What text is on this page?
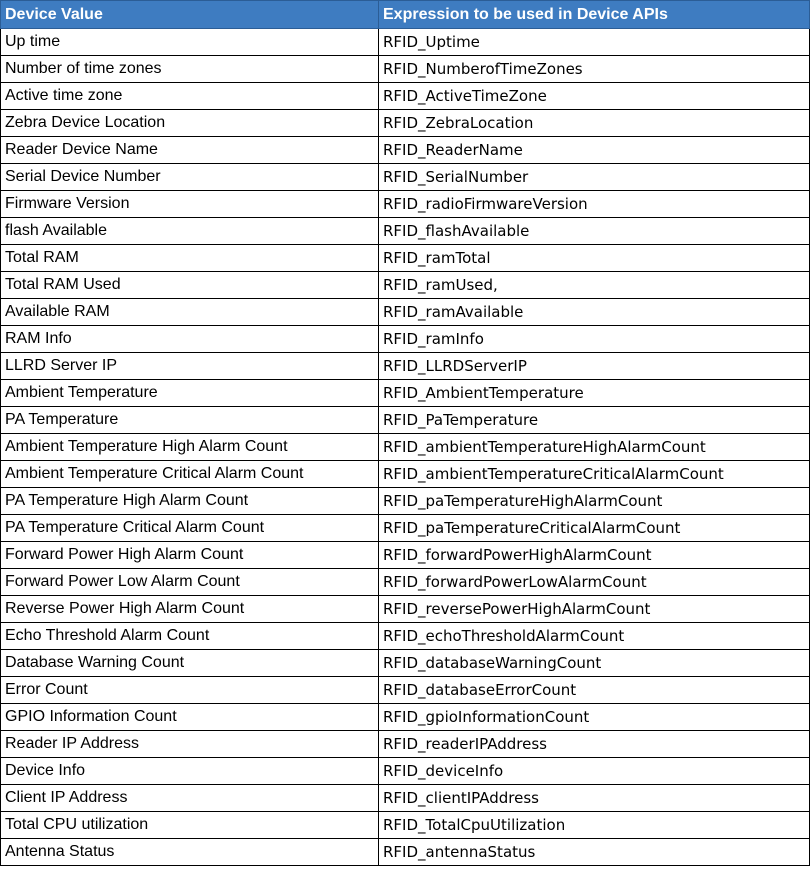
Device Value	Expression to be used in Device APIs
Up time	RFID_Uptime
Number of time zones	RFID_NumberofTimeZones
Active time zone	RFID_ActiveTimeZone
Zebra Device Location	RFID_ZebraLocation
Reader Device Name	RFID_ReaderName
Serial Device Number	RFID_SerialNumber
Firmware Version	RFID_radioFirmwareVersion
flash Available	RFID_flashAvailable
Total RAM	RFID_ramTotal
Total RAM Used	RFID_ramUsed,
Available RAM	RFID_ramAvailable
RAM Info	RFID_ramInfo
LLRD Server IP	RFID_LLRDServerIP
Ambient Temperature	RFID_AmbientTemperature
PA Temperature	RFID_PaTemperature
Ambient Temperature High Alarm Count	RFID_ambientTemperatureHighAlarmCount
Ambient Temperature Critical Alarm Count	RFID_ambientTemperatureCriticalAlarmCount
PA Temperature High Alarm Count	RFID_paTemperatureHighAlarmCount
PA Temperature Critical Alarm Count	RFID_paTemperatureCriticalAlarmCount
Forward Power High Alarm Count	RFID_forwardPowerHighAlarmCount
Forward Power Low Alarm Count	RFID_forwardPowerLowAlarmCount
Reverse Power High Alarm Count	RFID_reversePowerHighAlarmCount
Echo Threshold Alarm Count	RFID_echoThresholdAlarmCount
Database Warning Count	RFID_databaseWarningCount
Error Count	RFID_databaseErrorCount
GPIO Information Count	RFID_gpioInformationCount
Reader IP Address	RFID_readerIPAddress
Device Info	RFID_deviceInfo
Client IP Address	RFID_clientIPAddress
Total CPU utilization	RFID_TotalCpuUtilization
Antenna Status	RFID_antennaStatus
